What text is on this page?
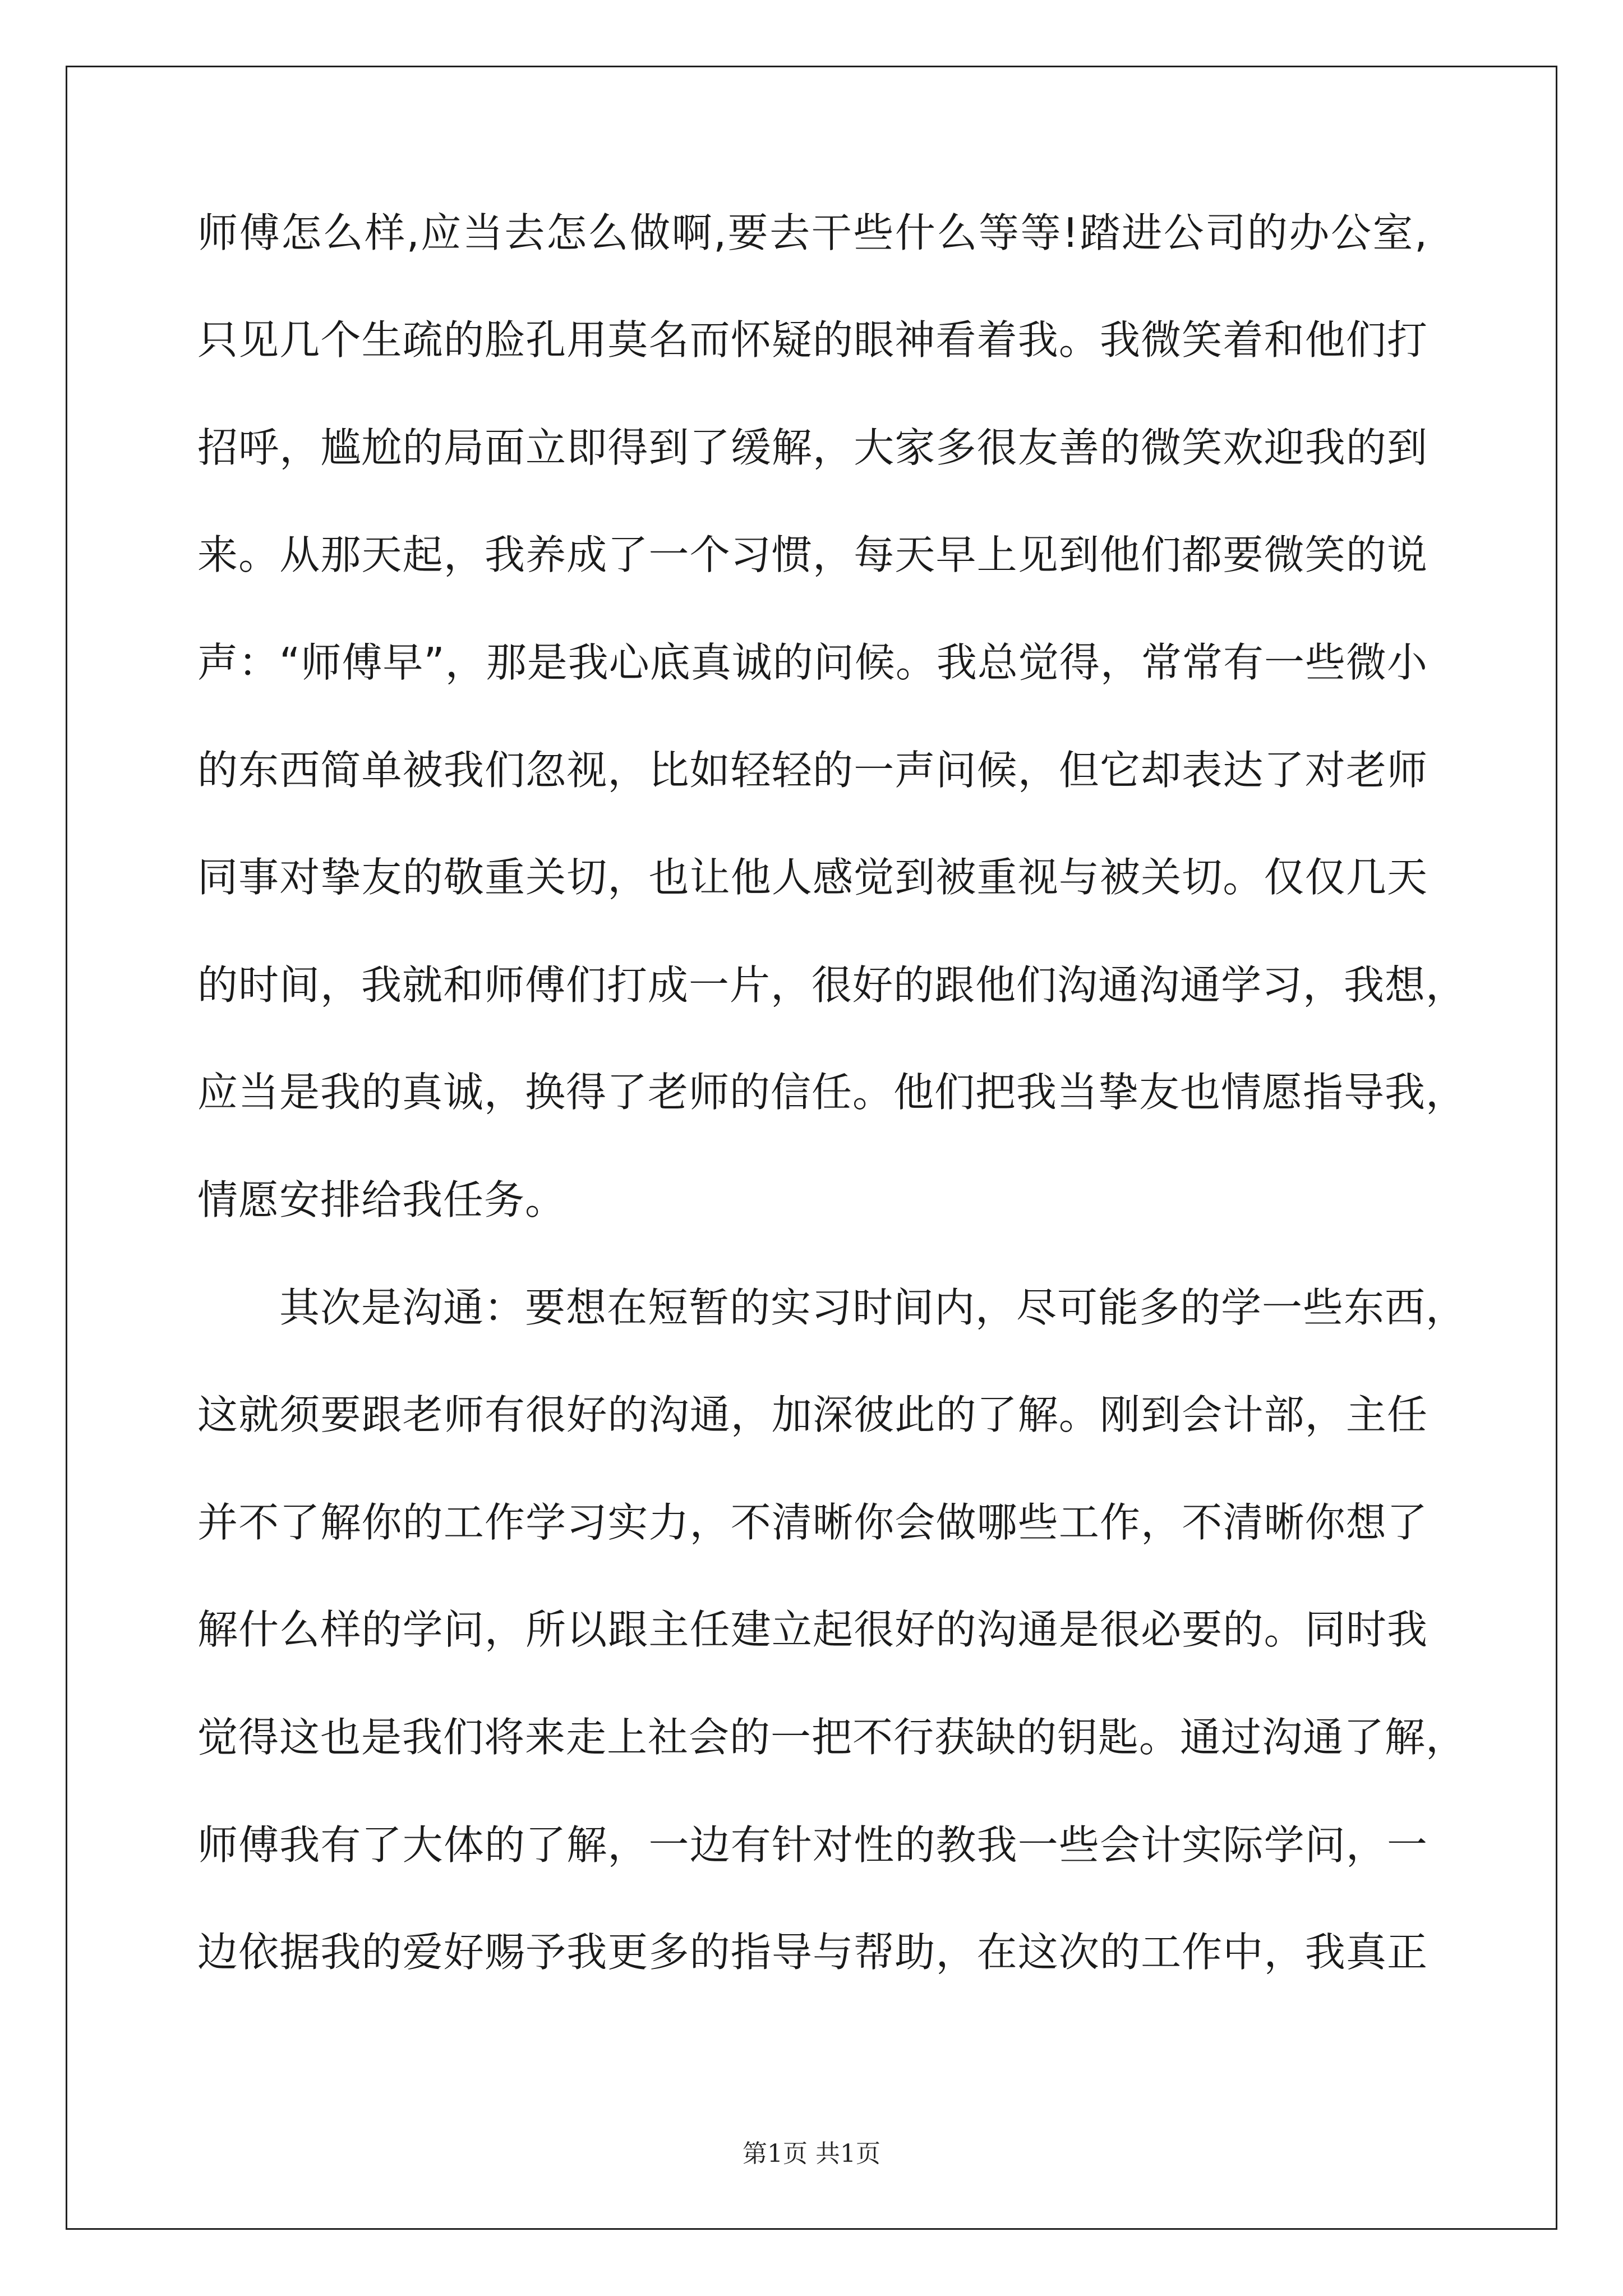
师傅怎么样,应当去怎么做啊,要去干些什么等等!踏进公司的办公室,
只见几个生疏的脸孔用莫名而怀疑的眼神看着我。我微笑着和他们打
招呼，尴尬的局面立即得到了缓解，大家多很友善的微笑欢迎我的到
来。从那天起，我养成了一个习惯，每天早上见到他们都要微笑的说
声：“师傅早”，那是我心底真诚的问候。我总觉得，常常有一些微小
的东西简单被我们忽视，比如轻轻的一声问候，但它却表达了对老师
同事对挚友的敬重关切，也让他人感觉到被重视与被关切。仅仅几天
的时间，我就和师傅们打成一片，很好的跟他们沟通沟通学习，我想，
应当是我的真诚，换得了老师的信任。他们把我当挚友也情愿指导我，
情愿安排给我任务。
其次是沟通：要想在短暂的实习时间内，尽可能多的学一些东西，
这就须要跟老师有很好的沟通，加深彼此的了解。刚到会计部，主任
并不了解你的工作学习实力，不清晰你会做哪些工作，不清晰你想了
解什么样的学问，所以跟主任建立起很好的沟通是很必要的。同时我
觉得这也是我们将来走上社会的一把不行获缺的钥匙。通过沟通了解，
师傅我有了大体的了解，一边有针对性的教我一些会计实际学问，一
边依据我的爱好赐予我更多的指导与帮助，在这次的工作中，我真正
第1页 共1页
